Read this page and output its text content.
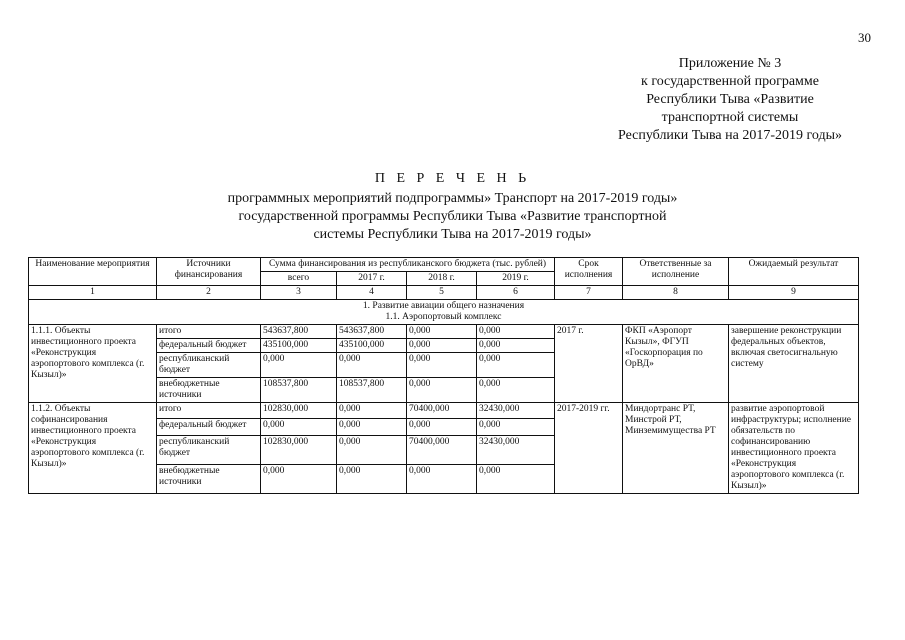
30
Приложение № 3
к государственной программе
Республики Тыва «Развитие
транспортной системы
Республики Тыва на 2017-2019 годы»
П Е Р Е Ч Е Н Ь
программных мероприятий подпрограммы» Транспорт на 2017-2019 годы»
государственной программы Республики Тыва «Развитие транспортной
системы Республики Тыва на 2017-2019 годы»
Наименование мероприятия	Источники финансирования	Сумма финансирования из республиканского бюджета (тыс. рублей)				Срок исполнения	Ответственные за исполнение	Ожидаемый результат
		всего	2017 г.	2018 г.	2019 г.			
1	2	3	4	5	6	7	8	9

1. Развитие авиации общего назначения
1.1. Аэропортовый комплекс								

1.1.1. Объекты инвестиционного проекта «Реконструкция аэропортового комплекса (г. Кызыл)»	итого	543637,800	543637,800	0,000	0,000	2017 г.	ФКП «Аэропорт Кызыл», ФГУП «Госкорпорация по ОрВД»	завершение реконструкции федеральных объектов, включая светосигнальную систему
	федеральный бюджет	435100,000	435100,000	0,000	0,000			
	республиканский бюджет	0,000	0,000	0,000	0,000			
	внебюджетные источники	108537,800	108537,800	0,000	0,000			
1.1.2. Объекты софинансирования инвестиционного проекта «Реконструкция аэропортового комплекса (г. Кызыл)»	итого	102830,000	0,000	70400,000	32430,000	2017-2019 гг.	Миндортранс РТ, Минстрой РТ, Минземимущества РТ	развитие аэропортовой инфраструктуры; исполнение обязательств по софинансированию инвестиционного проекта «Реконструкция аэропортового комплекса (г. Кызыл)»
	федеральный бюджет	0,000	0,000	0,000	0,000			
	республиканский бюджет	102830,000	0,000	70400,000	32430,000			
	внебюджетные источники	0,000	0,000	0,000	0,000			
